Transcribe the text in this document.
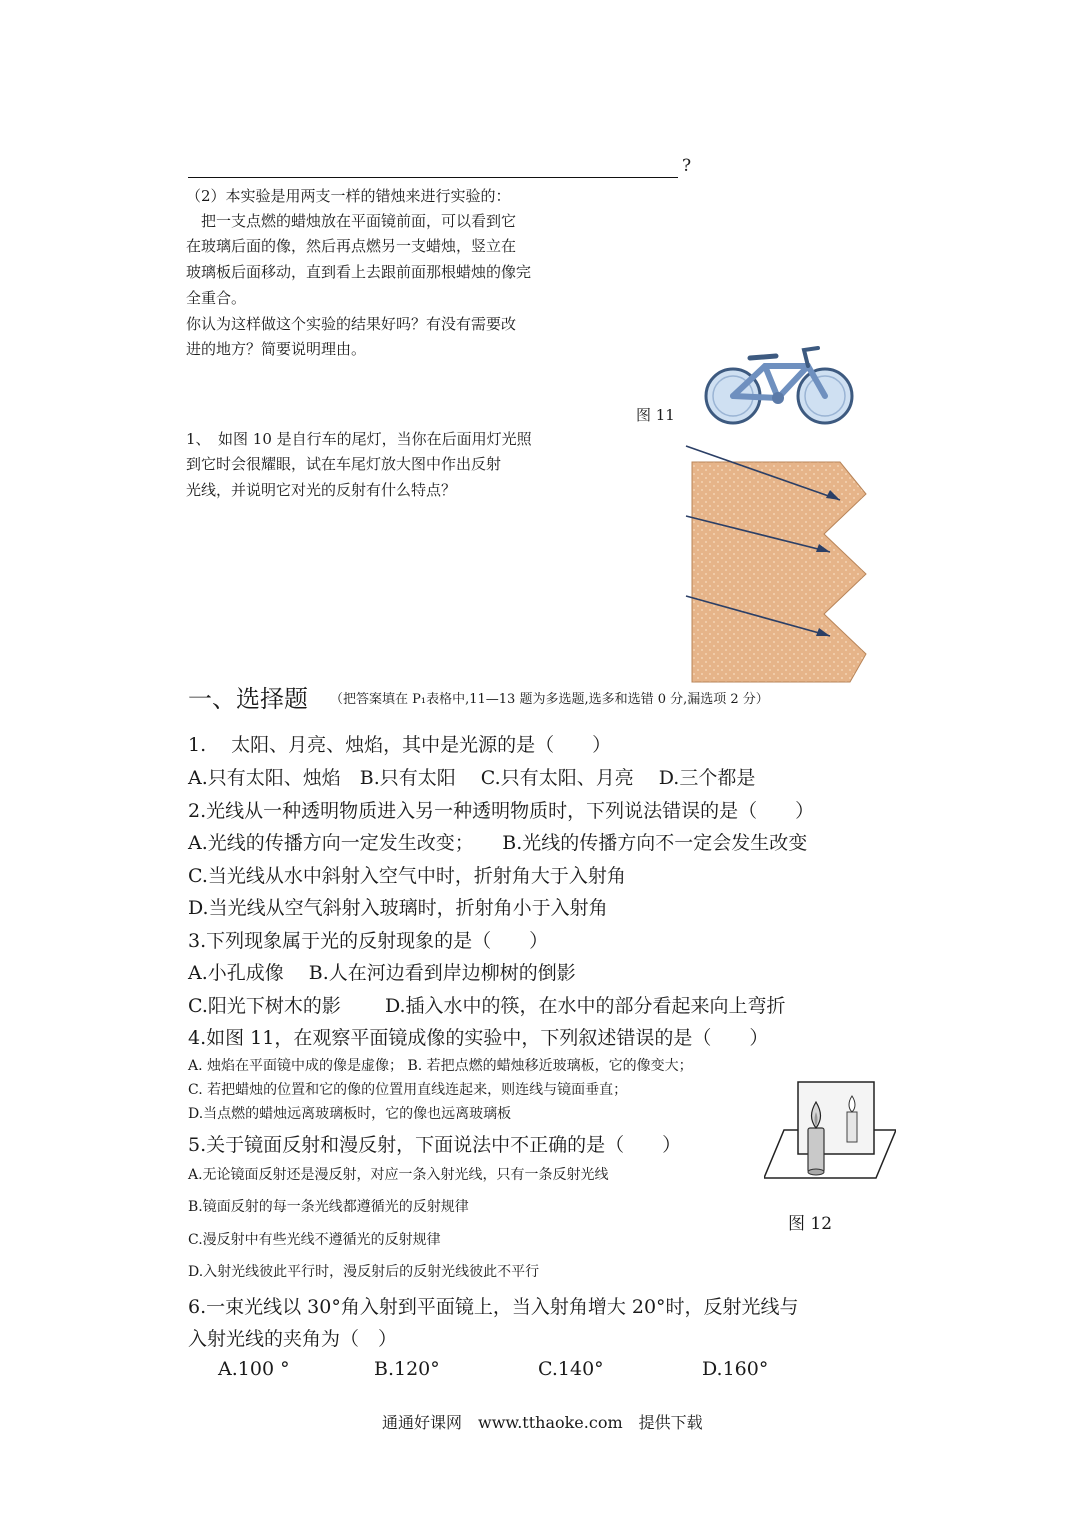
?
（2）本实验是用两支一样的错烛来进行实验的：
　把一支点燃的蜡烛放在平面镜前面，可以看到它
在玻璃后面的像，然后再点燃另一支蜡烛，竖立在
玻璃板后面移动，直到看上去跟前面那根蜡烛的像完
全重合。
你认为这样做这个实验的结果好吗？有没有需要改
进的地方？简要说明理由。
图 11
1、　如图 10 是自行车的尾灯，当你在后面用灯光照
到它时会很耀眼，试在车尾灯放大图中作出反射
光线，并说明它对光的反射有什么特点？
一、选择题 （把答案填在 P₁表格中,11—13 题为多选题,选多和选错 0 分,漏选项 2 分）
1.　 太阳、月亮、烛焰，其中是光源的是（　　）
A.只有太阳、烛焰　B.只有太阳　 C.只有太阳、月亮　 D.三个都是
2.光线从一种透明物质进入另一种透明物质时，下列说法错误的是（　　）
A.光线的传播方向一定发生改变；　　B.光线的传播方向不一定会发生改变
C.当光线从水中斜射入空气中时，折射角大于入射角
D.当光线从空气斜射入玻璃时，折射角小于入射角
3.下列现象属于光的反射现象的是（　　）
A.小孔成像　 B.人在河边看到岸边柳树的倒影
C.阳光下树木的影　　 D.插入水中的筷，在水中的部分看起来向上弯折
4.如图 11，在观察平面镜成像的实验中，下列叙述错误的是（　　）
A. 烛焰在平面镜中成的像是虚像； B. 若把点燃的蜡烛移近玻璃板，它的像变大；
C. 若把蜡烛的位置和它的像的位置用直线连起来，则连线与镜面垂直；
D.当点燃的蜡烛远离玻璃板时，它的像也远离玻璃板
5.关于镜面反射和漫反射，下面说法中不正确的是（　　）
A.无论镜面反射还是漫反射，对应一条入射光线，只有一条反射光线
B.镜面反射的每一条光线都遵循光的反射规律
C.漫反射中有些光线不遵循光的反射规律
D.入射光线彼此平行时，漫反射后的反射光线彼此不平行
6.一束光线以 30°角入射到平面镜上，当入射角增大 20°时，反射光线与
入射光线的夹角为（　）
A.100 °	B.120°	C.140°	D.160°
图 12
通通好课网　www.tthaoke.com　提供下载
